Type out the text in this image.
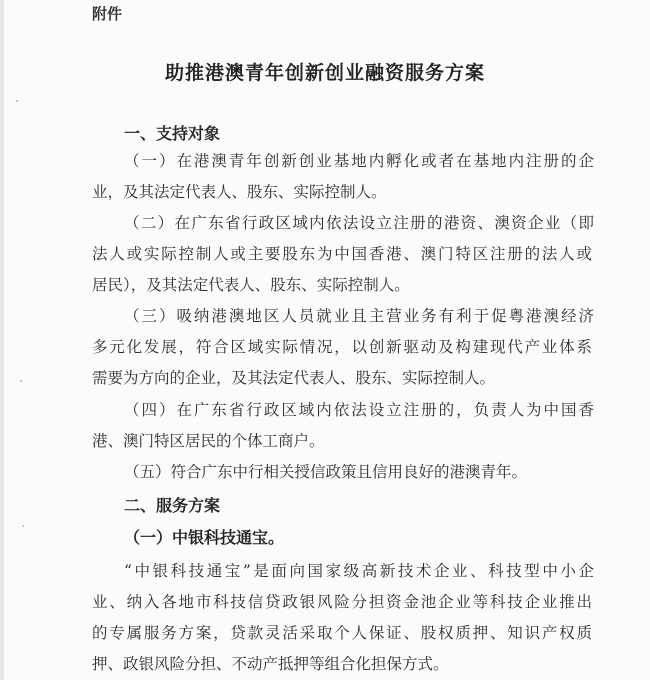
附件
助推港澳青年创新创业融资服务方案
一、支持对象
（一）在港澳青年创新创业基地内孵化或者在基地内注册的企
业，及其法定代表人、股东、实际控制人。
（二）在广东省行政区域内依法设立注册的港资、澳资企业（即
法人或实际控制人或主要股东为中国香港、澳门特区注册的法人或
居民），及其法定代表人、股东、实际控制人。
（三）吸纳港澳地区人员就业且主营业务有利于促粤港澳经济
多元化发展，符合区域实际情况，以创新驱动及构建现代产业体系
需要为方向的企业，及其法定代表人、股东、实际控制人。
（四）在广东省行政区域内依法设立注册的，负责人为中国香
港、澳门特区居民的个体工商户。
（五）符合广东中行相关授信政策且信用良好的港澳青年。
二、服务方案
（一）中银科技通宝。
“中银科技通宝”是面向国家级高新技术企业、科技型中小企
业、纳入各地市科技信贷政银风险分担资金池企业等科技企业推出
的专属服务方案，贷款灵活采取个人保证、股权质押、知识产权质
押、政银风险分担、不动产抵押等组合化担保方式。
